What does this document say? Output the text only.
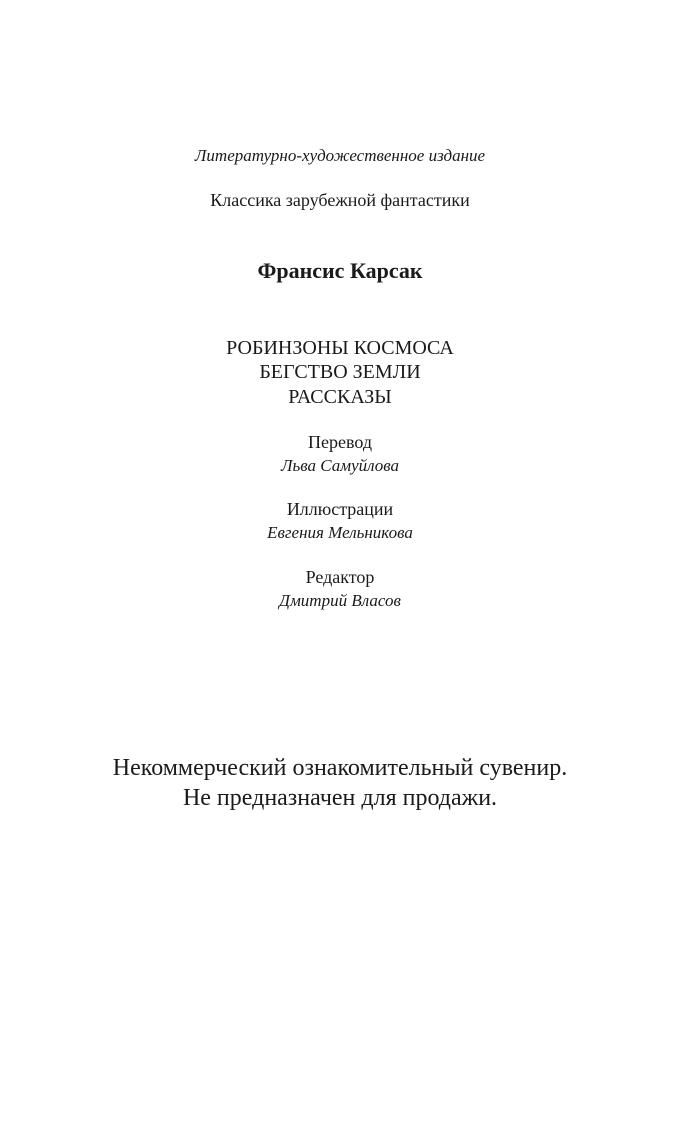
Литературно-художественное издание
Классика зарубежной фантастики
Франсис Карсак
РОБИНЗОНЫ КОСМОСА
БЕГСТВО ЗЕМЛИ
РАССКАЗЫ
Перевод
Льва Самуйлова
Иллюстрации
Евгения Мельникова
Редактор
Дмитрий Власов
Некоммерческий ознакомительный сувенир.
Не предназначен для продажи.
